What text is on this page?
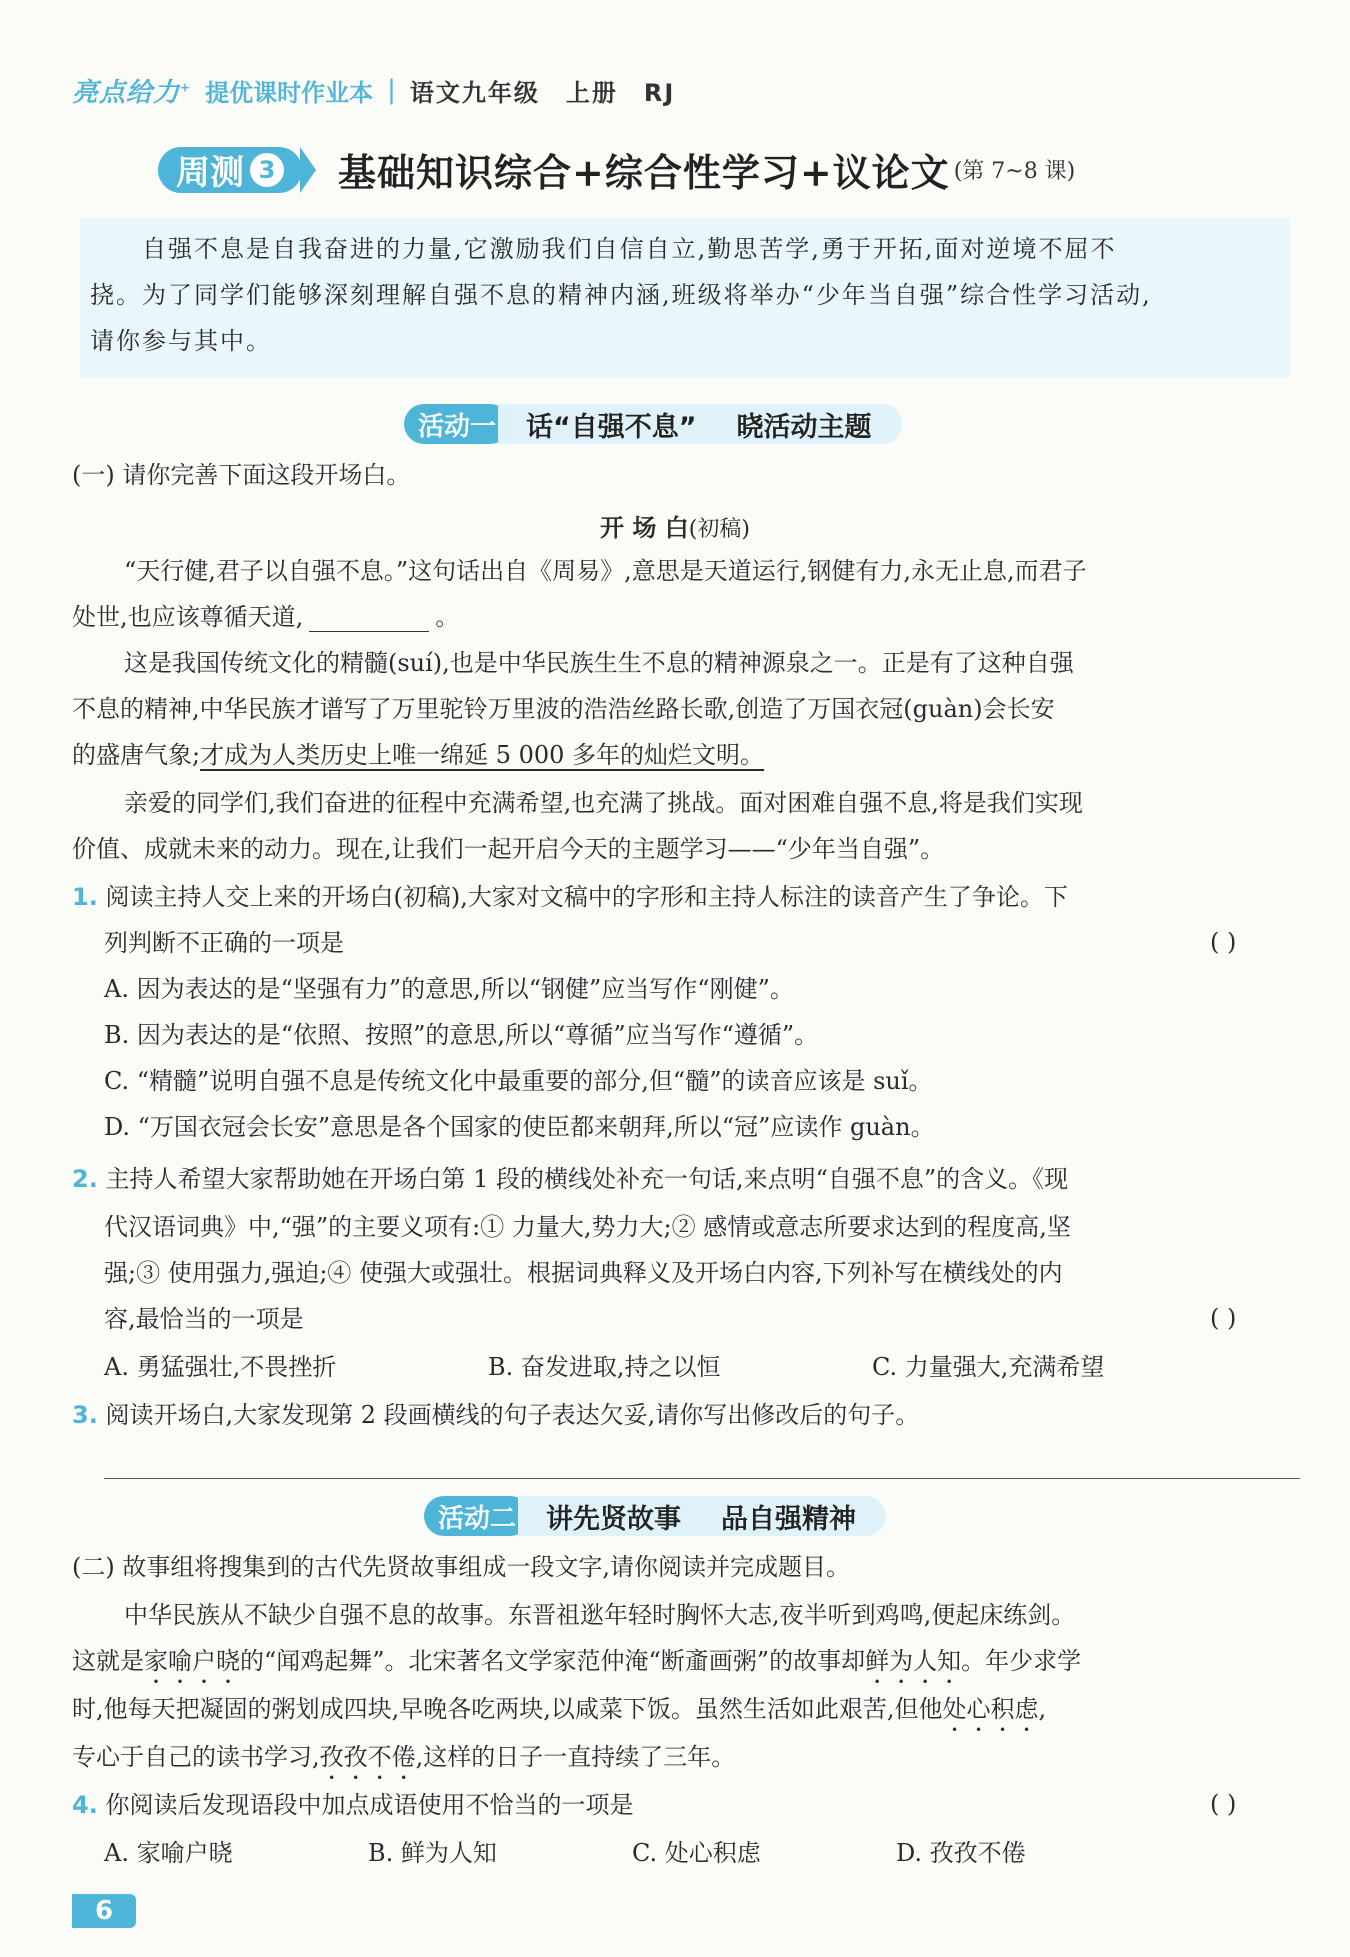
亮点给力+ 提优课时作业本 | 语文九年级 上册 RJ
周测 3 基础知识综合+综合性学习+议论文 (第 7~8 课)

自强不息是自我奋进的力量,它激励我们自信自立,勤思苦学,勇于开拓,面对逆境不屈不

挠。为了同学们能够深刻理解自强不息的精神内涵,班级将举办“少年当自强”综合性学习活动,

请你参与其中。

活动一	话“自强不息” 晓活动主题

(一) 请你完善下面这段开场白。

开 场 白(初稿)

“天行健,君子以自强不息。”这句话出自《周易》,意思是天道运行,钢健有力,永无止息,而君子

处世,也应该尊循天道,	。

这是我国传统文化的精髓(suí),也是中华民族生生不息的精神源泉之一。正是有了这种自强

不息的精神,中华民族才谱写了万里驼铃万里波的浩浩丝路长歌,创造了万国衣冠(guàn)会长安

的盛唐气象;才成为人类历史上唯一绵延 5 000 多年的灿烂文明。

亲爱的同学们,我们奋进的征程中充满希望,也充满了挑战。面对困难自强不息,将是我们实现

价值、成就未来的动力。现在,让我们一起开启今天的主题学习——“少年当自强”。

1. 阅读主持人交上来的开场白(初稿),大家对文稿中的字形和主持人标注的读音产生了争论。下

列判断不正确的一项是	( )

A. 因为表达的是“坚强有力”的意思,所以“钢健”应当写作“刚健”。

B. 因为表达的是“依照、按照”的意思,所以“尊循”应当写作“遵循”。

C. “精髓”说明自强不息是传统文化中最重要的部分,但“髓”的读音应该是 suǐ。

D. “万国衣冠会长安”意思是各个国家的使臣都来朝拜,所以“冠”应读作 guàn。

2. 主持人希望大家帮助她在开场白第 1 段的横线处补充一句话,来点明“自强不息”的含义。《现

代汉语词典》中,“强”的主要义项有:① 力量大,势力大;② 感情或意志所要求达到的程度高,坚

强;③ 使用强力,强迫;④ 使强大或强壮。根据词典释义及开场白内容,下列补写在横线处的内

容,最恰当的一项是	( )

A. 勇猛强壮,不畏挫折	B. 奋发进取,持之以恒	C. 力量强大,充满希望

3. 阅读开场白,大家发现第 2 段画横线的句子表达欠妥,请你写出修改后的句子。

活动二	讲先贤故事 品自强精神

(二) 故事组将搜集到的古代先贤故事组成一段文字,请你阅读并完成题目。

中华民族从不缺少自强不息的故事。东晋祖逖年轻时胸怀大志,夜半听到鸡鸣,便起床练剑。

这就是家喻户晓的“闻鸡起舞”。北宋著名文学家范仲淹“断齑画粥”的故事却鲜为人知。年少求学

时,他每天把凝固的粥划成四块,早晚各吃两块,以咸菜下饭。虽然生活如此艰苦,但他处心积虑,

专心于自己的读书学习,孜孜不倦,这样的日子一直持续了三年。

4. 你阅读后发现语段中加点成语使用不恰当的一项是	( )

A. 家喻户晓	B. 鲜为人知	C. 处心积虑	D. 孜孜不倦

6
